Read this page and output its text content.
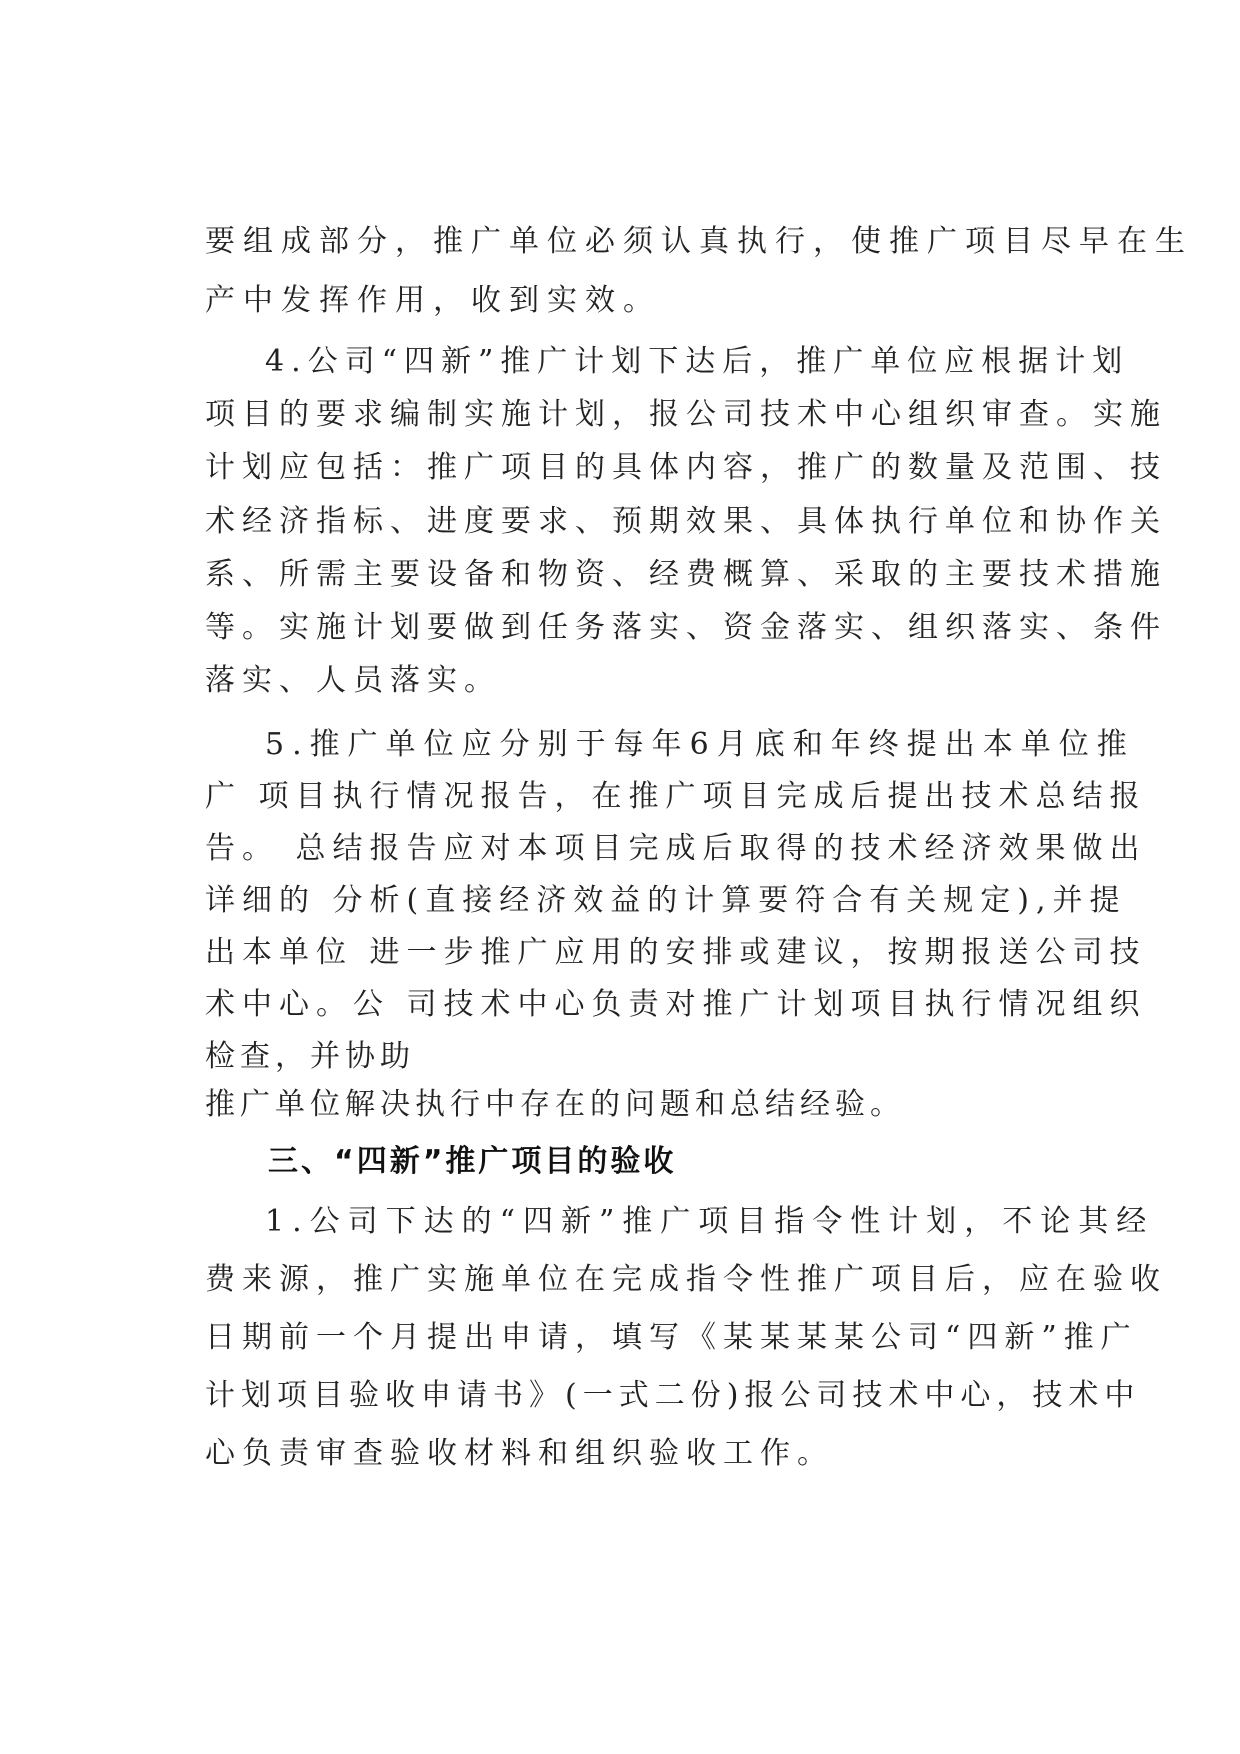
要组成部分，推广单位必须认真执行，使推广项目尽早在生

产中发挥作用，收到实效。

4.公司“四新”推广计划下达后，推广单位应根据计划

项目的要求编制实施计划，报公司技术中心组织审查。实施

计划应包括：推广项目的具体内容，推广的数量及范围、技

术经济指标、进度要求、预期效果、具体执行单位和协作关

系、所需主要设备和物资、经费概算、采取的主要技术措施

等。实施计划要做到任务落实、资金落实、组织落实、条件

落实、人员落实。

5.推广单位应分别于每年6月底和年终提出本单位推

广 项目执行情况报告，在推广项目完成后提出技术总结报

告。 总结报告应对本项目完成后取得的技术经济效果做出

详细的 分析(直接经济效益的计算要符合有关规定),并提

出本单位 进一步推广应用的安排或建议，按期报送公司技

术中心。公 司技术中心负责对推广计划项目执行情况组织

检查，并协助

推广单位解决执行中存在的问题和总结经验。

三、“四新”推广项目的验收

1.公司下达的“四新”推广项目指令性计划，不论其经

费来源，推广实施单位在完成指令性推广项目后，应在验收

日期前一个月提出申请，填写《某某某某公司“四新”推广

计划项目验收申请书》(一式二份)报公司技术中心，技术中

心负责审查验收材料和组织验收工作。
